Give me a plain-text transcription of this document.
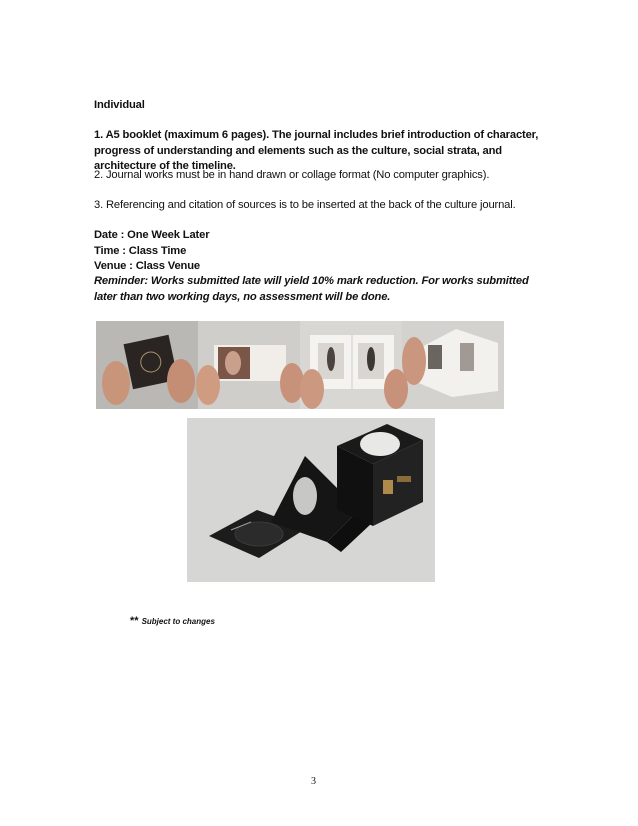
Individual
1. A5 booklet (maximum 6 pages). The journal includes brief introduction of character, progress of understanding and elements such as the culture, social strata, and architecture of the timeline.
2. Journal works must be in hand drawn or collage format (No computer graphics).
3. Referencing and citation of sources is to be inserted at the back of the culture journal.
Date : One Week Later
Time : Class Time
Venue : Class Venue
Reminder: Works submitted late will yield 10% mark reduction. For works submitted later than two working days, no assessment will be done.
** Subject to changes
3
